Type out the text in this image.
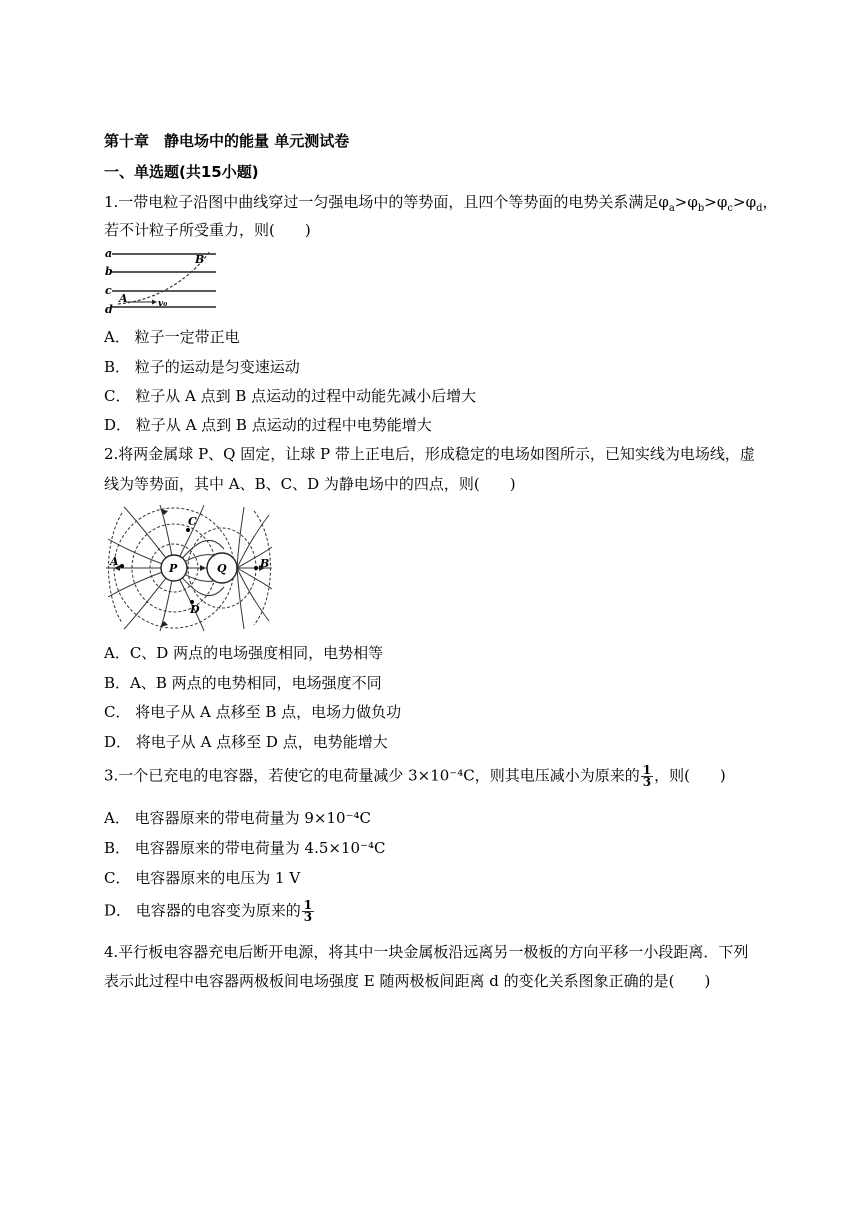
第十章　静电场中的能量 单元测试卷
一、单选题(共15小题)
1.一带电粒子沿图中曲线穿过一匀强电场中的等势面，且四个等势面的电势关系满足$\varphi_a>\varphi_b>\varphi_c>\varphi_d$，
若不计粒子所受重力，则(　　)
a
b
c
d
A
B
v₀
A． 粒子一定带正电
B． 粒子的运动是匀变速运动
C． 粒子从 A 点到 B 点运动的过程中动能先减小后增大
D． 粒子从 A 点到 B 点运动的过程中电势能增大
2.将两金属球 P、Q 固定，让球 P 带上正电后，形成稳定的电场如图所示，已知实线为电场线，虚
线为等势面，其中 A、B、C、D 为静电场中的四点，则(　　)
P	Q
A	B
C
D
A．C、D 两点的电场强度相同，电势相等
B．A、B 两点的电势相同，电场强度不同
C． 将电子从 A 点移至 B 点，电场力做负功
D． 将电子从 A 点移至 D 点，电势能增大
3.一个已充电的电容器，若使它的电荷量减少 3×10⁻⁴C，则其电压减小为原来的 $\frac{1}{3}$ ，则(　　)
A． 电容器原来的带电荷量为 9×10⁻⁴C
B． 电容器原来的带电荷量为 4.5×10⁻⁴C
C． 电容器原来的电压为 1 V
D． 电容器的电容变为原来的 $\frac{1}{3}$
4.平行板电容器充电后断开电源，将其中一块金属板沿远离另一极板的方向平移一小段距离．下列
表示此过程中电容器两极板间电场强度 E 随两极板间距离 d 的变化关系图象正确的是(　　)
